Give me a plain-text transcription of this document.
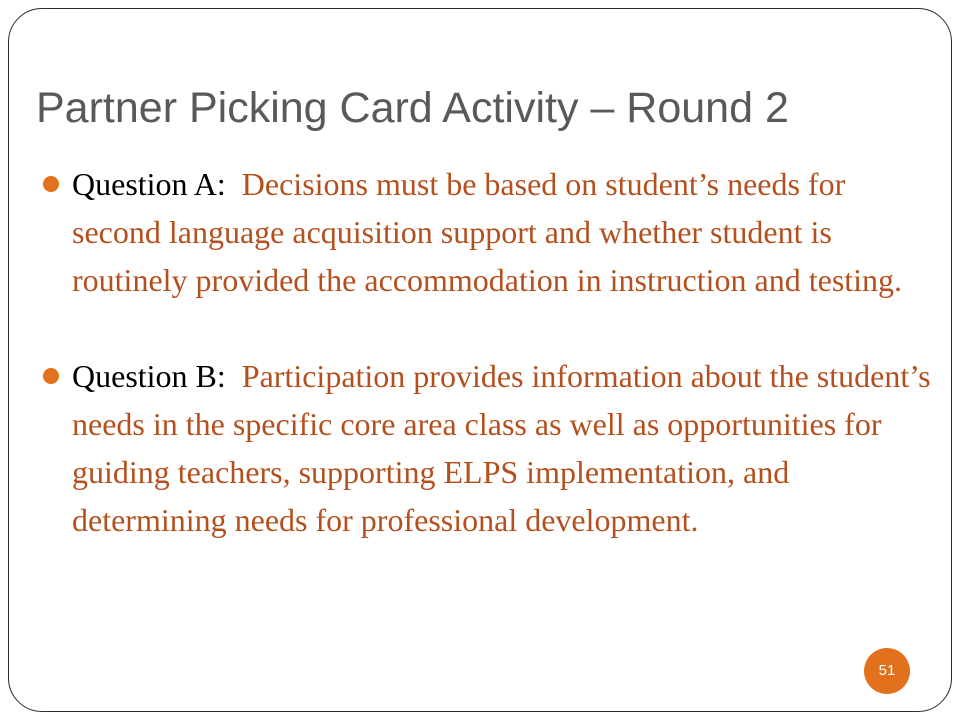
Partner Picking Card Activity – Round 2
Question A: Decisions must be based on student’s needs for second language acquisition support and whether student is routinely provided the accommodation in instruction and testing.
Question B: Participation provides information about the student’s needs in the specific core area class as well as opportunities for guiding teachers, supporting ELPS implementation, and determining needs for professional development.
51
